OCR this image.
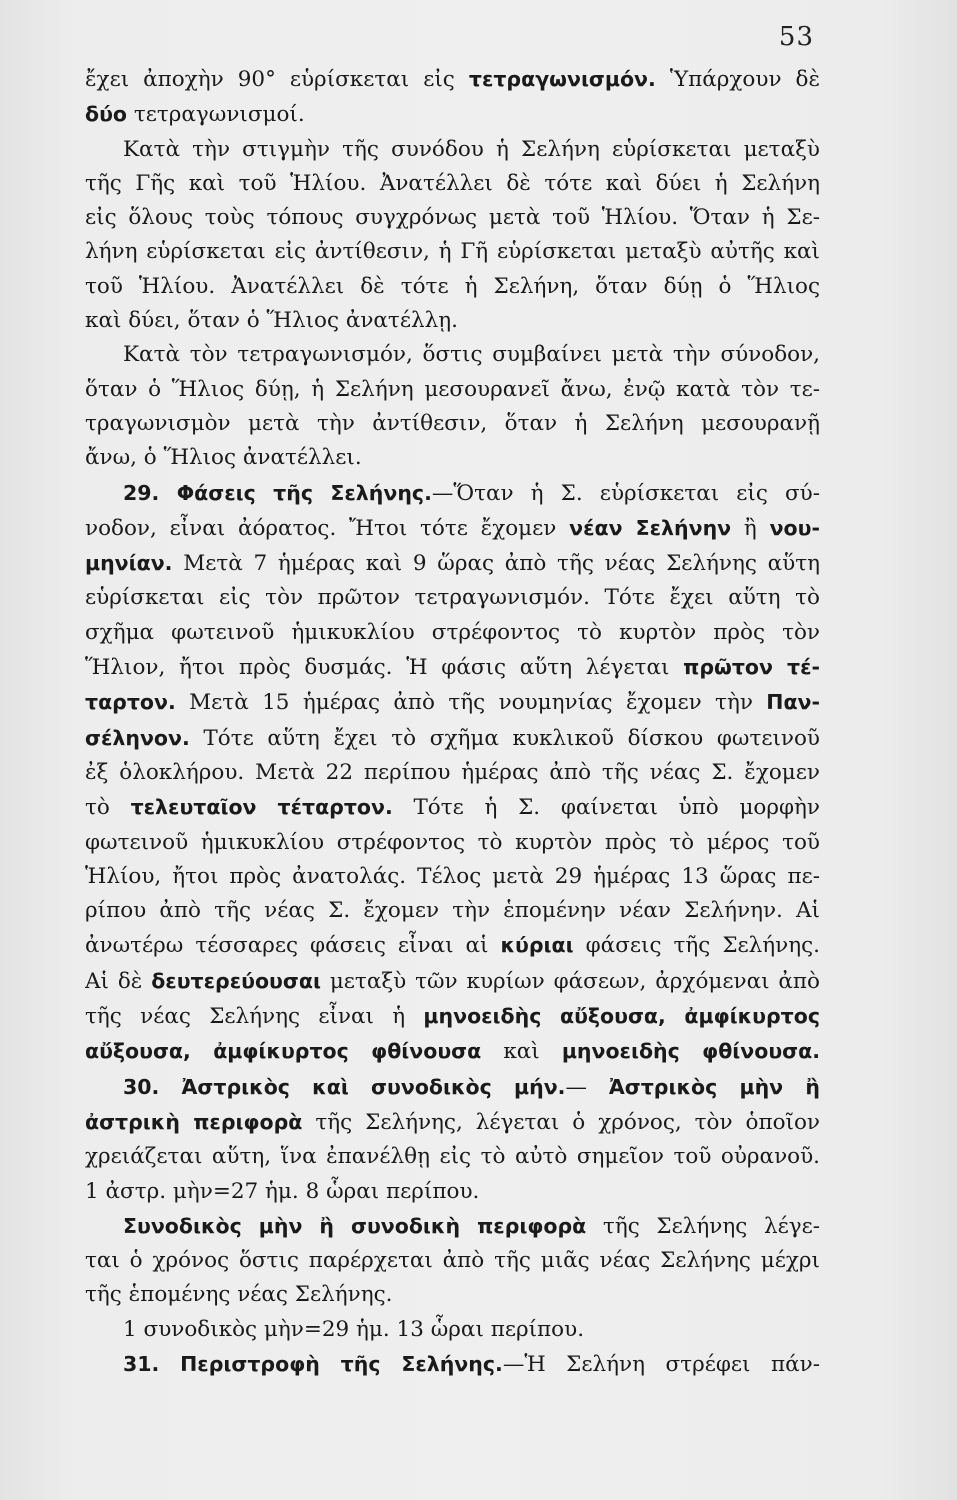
53

ἔχει ἀποχὴν 90° εὑρίσκεται εἰς τετραγωνισμόν. Ὑπάρχουν δὲ

δύο τετραγωνισμοί.

Κατὰ τὴν στιγμὴν τῆς συνόδου ἡ Σελήνη εὑρίσκεται μεταξὺ

τῆς Γῆς καὶ τοῦ Ἡλίου. Ἀνατέλλει δὲ τότε καὶ δύει ἡ Σελήνη

εἰς ὅλους τοὺς τόπους συγχρόνως μετὰ τοῦ Ἡλίου. Ὅταν ἡ Σε-

λήνη εὑρίσκεται εἰς ἀντίθεσιν, ἡ Γῆ εὑρίσκεται μεταξὺ αὐτῆς καὶ

τοῦ Ἡλίου. Ἀνατέλλει δὲ τότε ἡ Σελήνη, ὅταν δύῃ ὁ Ἥλιος

καὶ δύει, ὅταν ὁ Ἥλιος ἀνατέλλῃ.

Κατὰ τὸν τετραγωνισμόν, ὅστις συμβαίνει μετὰ τὴν σύνοδον,

ὅταν ὁ Ἥλιος δύῃ, ἡ Σελήνη μεσουρανεῖ ἄνω, ἐνῷ κατὰ τὸν τε-

τραγωνισμὸν μετὰ τὴν ἀντίθεσιν, ὅταν ἡ Σελήνη μεσουρανῇ

ἄνω, ὁ Ἥλιος ἀνατέλλει.

29. Φάσεις τῆς Σελήνης.—Ὅταν ἡ Σ. εὑρίσκεται εἰς σύ-

νοδον, εἶναι ἀόρατος. Ἤτοι τότε ἔχομεν νέαν Σελήνην ἢ νου-

μηνίαν. Μετὰ 7 ἡμέρας καὶ 9 ὥρας ἀπὸ τῆς νέας Σελήνης αὕτη

εὑρίσκεται εἰς τὸν πρῶτον τετραγωνισμόν. Τότε ἔχει αὕτη τὸ

σχῆμα φωτεινοῦ ἡμικυκλίου στρέφοντος τὸ κυρτὸν πρὸς τὸν

Ἥλιον, ἤτοι πρὸς δυσμάς. Ἡ φάσις αὕτη λέγεται πρῶτον τέ-

ταρτον. Μετὰ 15 ἡμέρας ἀπὸ τῆς νουμηνίας ἔχομεν τὴν Παν-

σέληνον. Τότε αὕτη ἔχει τὸ σχῆμα κυκλικοῦ δίσκου φωτεινοῦ

ἐξ ὁλοκλήρου. Μετὰ 22 περίπου ἡμέρας ἀπὸ τῆς νέας Σ. ἔχομεν

τὸ τελευταῖον τέταρτον. Τότε ἡ Σ. φαίνεται ὑπὸ μορφὴν

φωτεινοῦ ἡμικυκλίου στρέφοντος τὸ κυρτὸν πρὸς τὸ μέρος τοῦ

Ἡλίου, ἤτοι πρὸς ἀνατολάς. Τέλος μετὰ 29 ἡμέρας 13 ὥρας πε-

ρίπου ἀπὸ τῆς νέας Σ. ἔχομεν τὴν ἑπομένην νέαν Σελήνην. Αἱ

ἀνωτέρω τέσσαρες φάσεις εἶναι αἱ κύριαι φάσεις τῆς Σελήνης.

Αἱ δὲ δευτερεύουσαι μεταξὺ τῶν κυρίων φάσεων, ἀρχόμεναι ἀπὸ

τῆς νέας Σελήνης εἶναι ἡ μηνοειδὴς αὔξουσα, ἀμφίκυρτος

αὔξουσα, ἀμφίκυρτος φθίνουσα καὶ μηνοειδὴς φθίνουσα.

30. Ἀστρικὸς καὶ συνοδικὸς μήν.— Ἀστρικὸς μὴν ἢ

ἀστρικὴ περιφορὰ τῆς Σελήνης, λέγεται ὁ χρόνος, τὸν ὁποῖον

χρειάζεται αὕτη, ἵνα ἐπανέλθῃ εἰς τὸ αὐτὸ σημεῖον τοῦ οὐρανοῦ.

1 ἀστρ. μὴν=27 ἡμ. 8 ὧραι περίπου.

Συνοδικὸς μὴν ἢ συνοδικὴ περιφορὰ τῆς Σελήνης λέγε-

ται ὁ χρόνος ὅστις παρέρχεται ἀπὸ τῆς μιᾶς νέας Σελήνης μέχρι

τῆς ἑπομένης νέας Σελήνης.

1 συνοδικὸς μὴν=29 ἡμ. 13 ὧραι περίπου.

31. Περιστροφὴ τῆς Σελήνης.—Ἡ Σελήνη στρέφει πάν-
